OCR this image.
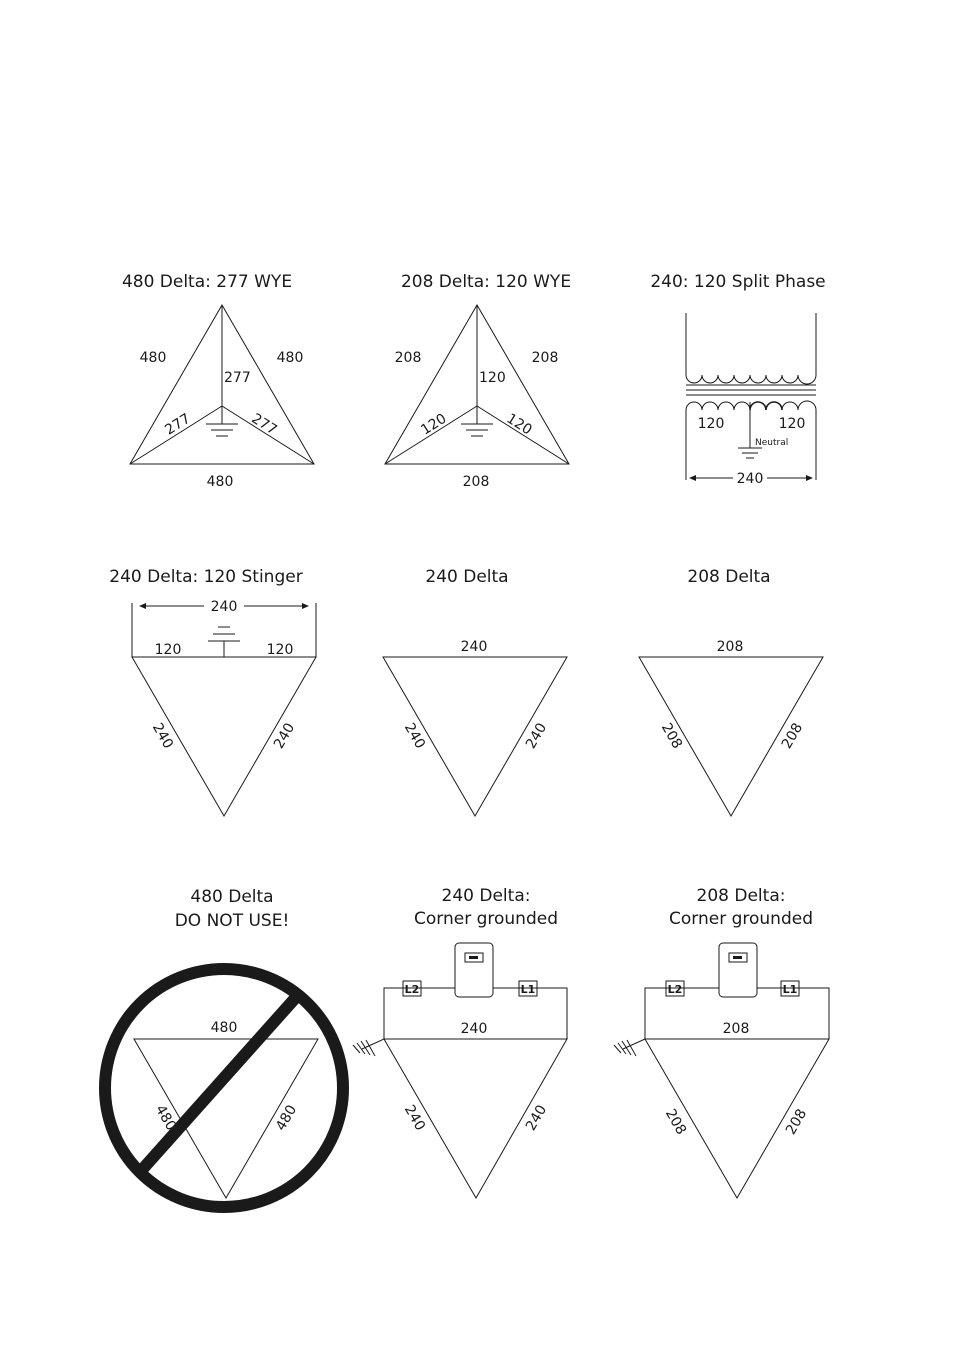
480 Delta: 277 WYE
480	480
480
277
277	277
208 Delta: 120 WYE
208	208
208
120
120	120
240: 120 Split Phase
120	120
Neutral
240
240 Delta: 120 Stinger
240
120	120
240	240
240 Delta
240
240	240
208 Delta
208
208	208
480 Delta
DO NOT USE!
480
480	480
240 Delta:
Corner grounded
L2	L1
240
240	240
208 Delta:
Corner grounded
L2	L1
208
208	208
